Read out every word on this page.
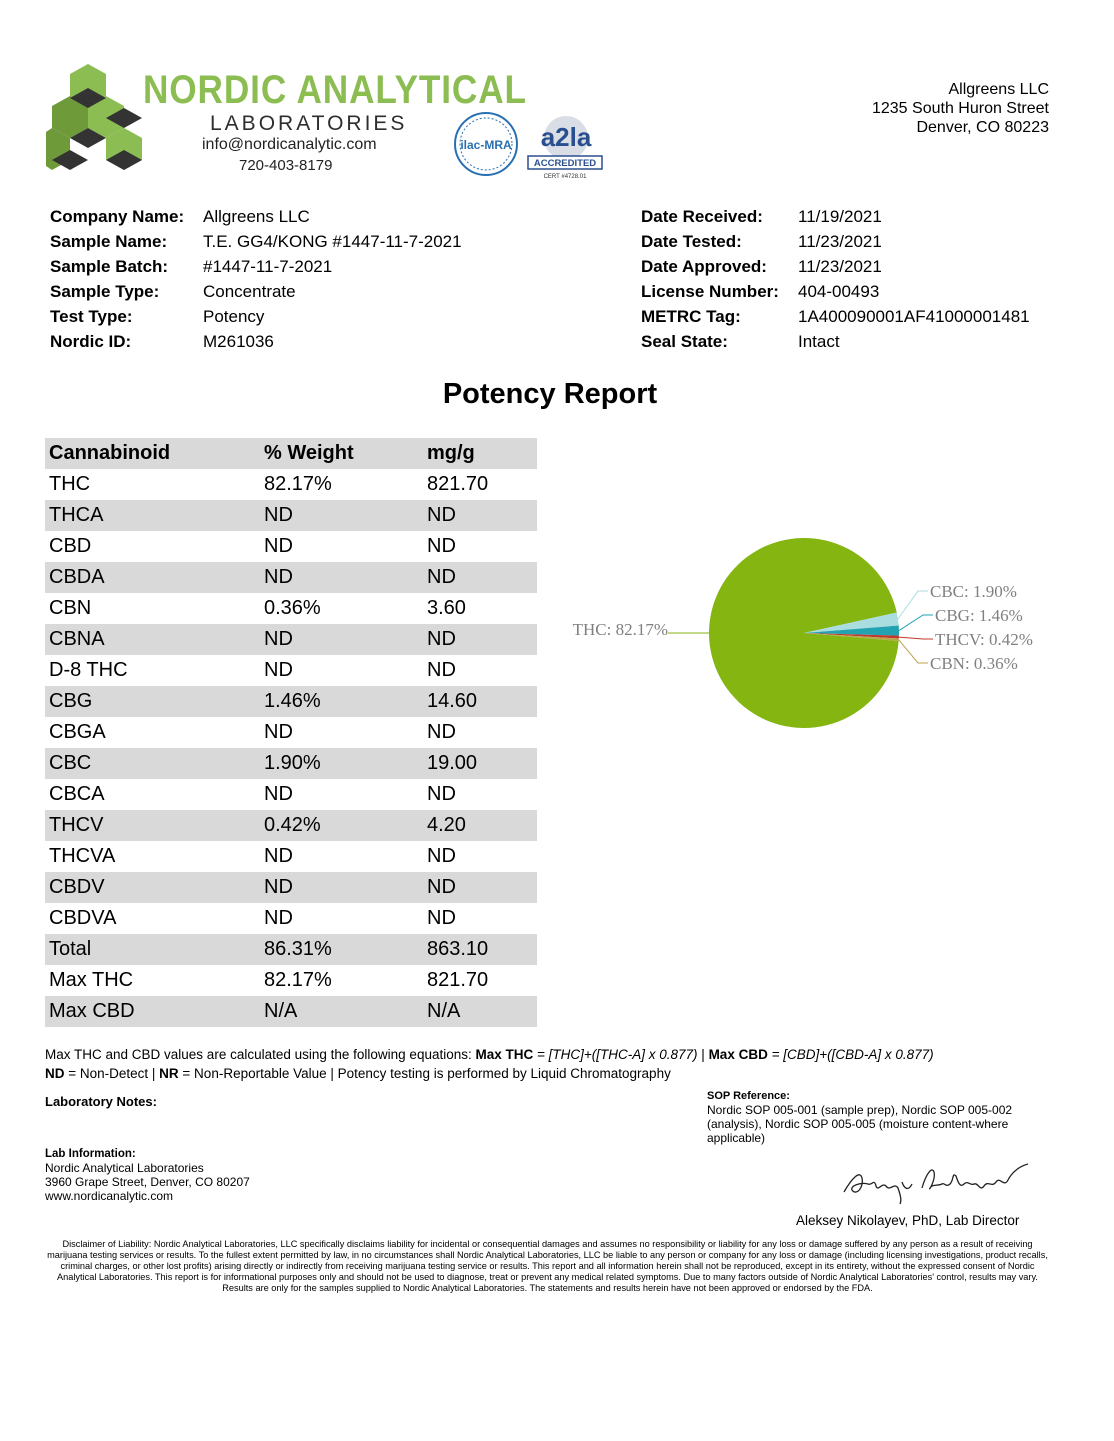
NORDIC ANALYTICAL
LABORATORIES
info@nordicanalytic.com
720-403-8179
ilac-MRA a2la
ACCREDITED
CERT #4728.01
Allgreens LLC
1235 South Huron Street
Denver, CO 80223
Company Name: Allgreens LLC
Sample Name: T.E. GG4/KONG #1447-11-7-2021
Sample Batch: #1447-11-7-2021
Sample Type:	Concentrate
Test Type:	Potency
Nordic ID:	M261036
Date Received: 11/19/2021
Date Tested:	11/23/2021
Date Approved: 11/23/2021
License Number: 404-00493
METRC Tag:	1A400090001AF41000001481
Seal State:	Intact
Potency Report
Cannabinoid	% Weight	mg/g
THC	82.17%	821.70
THCA	ND	ND
CBD	ND	ND
CBDA	ND	ND
CBN	0.36%	3.60
CBNA	ND	ND
D-8 THC	ND	ND
CBG	1.46%	14.60
CBGA	ND	ND
CBC	1.90%	19.00
CBCA	ND	ND
THCV	0.42%	4.20
THCVA	ND	ND
CBDV	ND	ND
CBDVA	ND	ND
Total	86.31%	863.10
Max THC	82.17%	821.70
Max CBD	N/A	N/A
THC: 82.17%
CBC: 1.90%
CBG: 1.46%
THCV: 0.42%
CBN: 0.36%
Max THC and CBD values are calculated using the following equations: Max THC = [THC]+([THC-A] x 0.877) | Max CBD = [CBD]+([CBD-A] x 0.877)
ND = Non-Detect | NR = Non-Reportable Value | Potency testing is performed by Liquid Chromatography
Laboratory Notes:	SOP Reference:
Nordic SOP 005-001 (sample prep), Nordic SOP 005-002
(analysis), Nordic SOP 005-005 (moisture content-where
applicable)
Lab Information:
Nordic Analytical Laboratories
3960 Grape Street, Denver, CO 80207
www.nordicanalytic.com
Aleksey Nikolayev, PhD, Lab Director
Disclaimer of Liability: Nordic Analytical Laboratories, LLC specifically disclaims liability for incidental or consequential damages and assumes no responsibility or liability for any loss or damage suffered by any person as a result of receiving marijuana testing services or results. To the fullest extent permitted by law, in no circumstances shall Nordic Analytical Laboratories, LLC be liable to any person or company for any loss or damage (including licensing investigations, product recalls, criminal charges, or other lost profits) arising directly or indirectly from receiving marijuana testing service or results. This report and all information herein shall not be reproduced, except in its entirety, without the expressed consent of Nordic Analytical Laboratories. This report is for informational purposes only and should not be used to diagnose, treat or prevent any medical related symptoms. Due to many factors outside of Nordic Analytical Laboratories' control, results may vary. Results are only for the samples supplied to Nordic Analytical Laboratories. The statements and results herein have not been approved or endorsed by the FDA.
